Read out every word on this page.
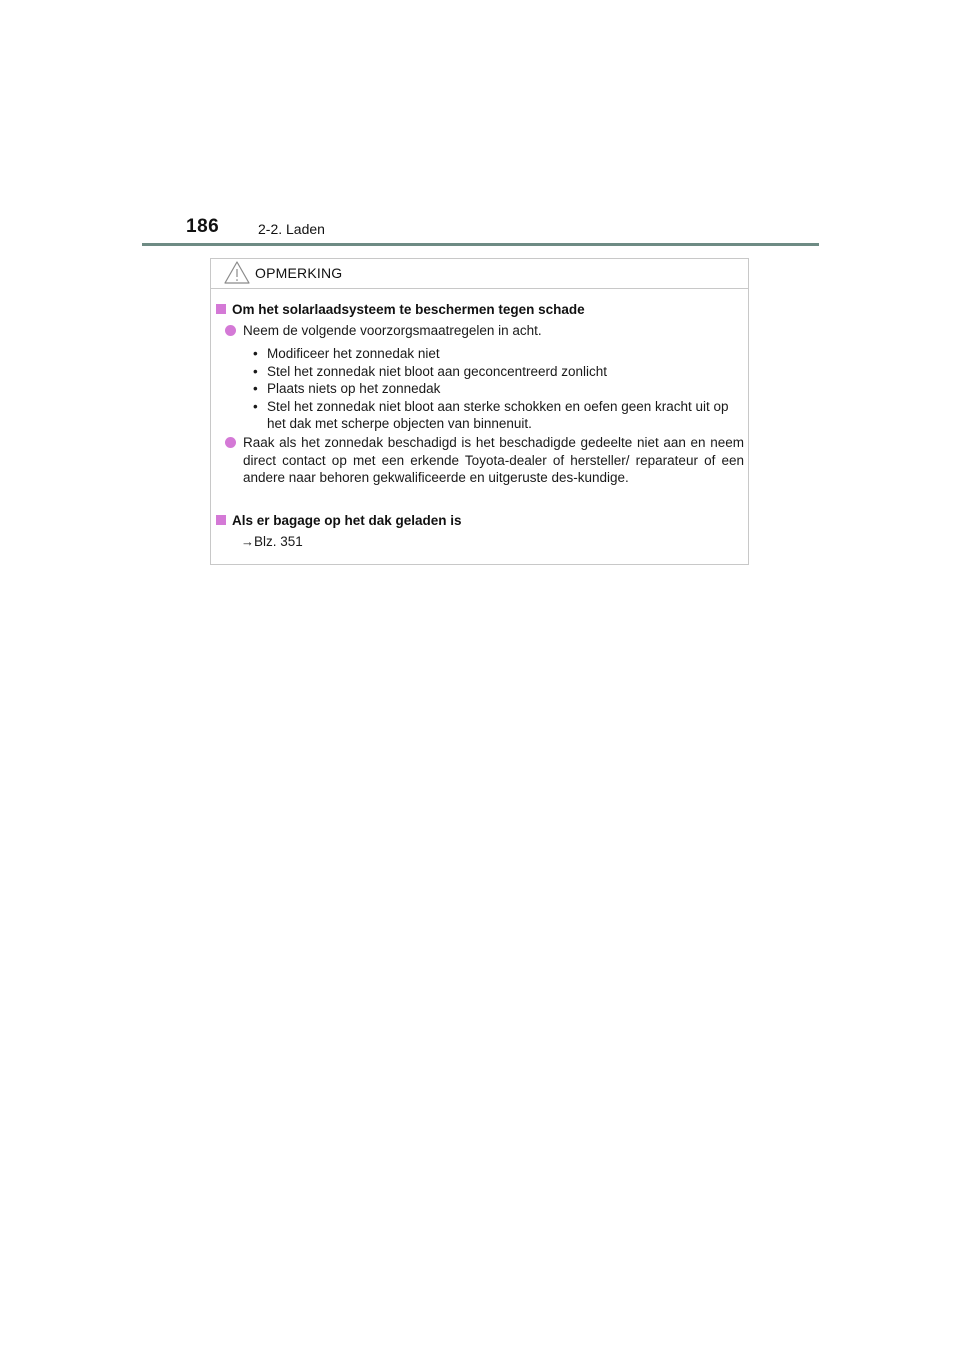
186	2-2. Laden
OPMERKING
Om het solarlaadsysteem te beschermen tegen schade
Neem de volgende voorzorgsmaatregelen in acht.
• Modificeer het zonnedak niet
• Stel het zonnedak niet bloot aan geconcentreerd zonlicht
• Plaats niets op het zonnedak
• Stel het zonnedak niet bloot aan sterke schokken en oefen geen kracht uit op het dak met scherpe objecten van binnenuit.
Raak als het zonnedak beschadigd is het beschadigde gedeelte niet aan en neem direct contact op met een erkende Toyota-dealer of hersteller/ reparateur of een andere naar behoren gekwalificeerde en uitgeruste des-kundige.
Als er bagage op het dak geladen is
→Blz. 351
